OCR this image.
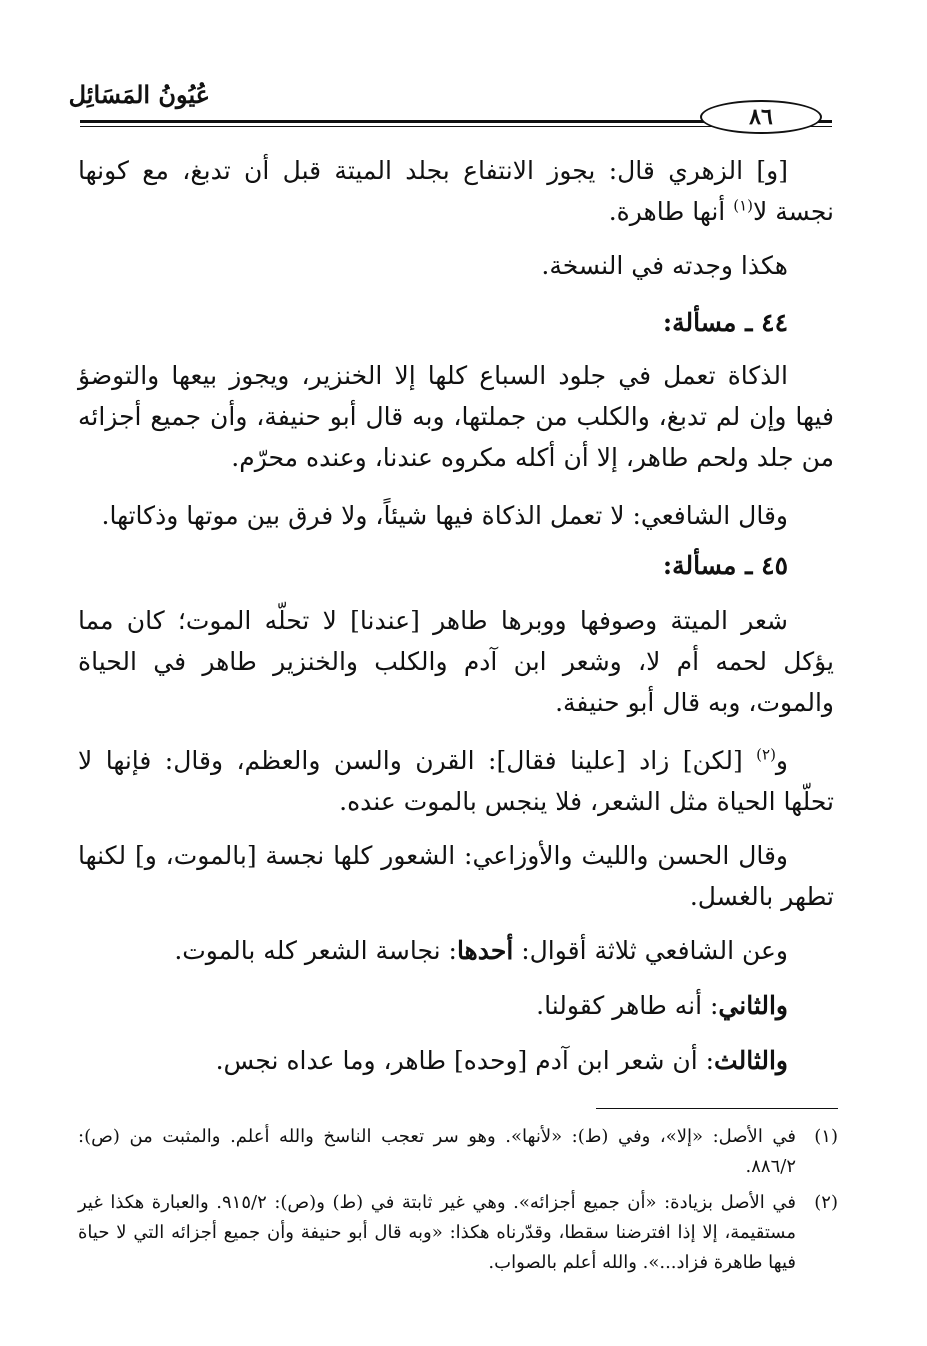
عُيُونُ المَسَائِل
٨٦

[و] الزهري قال: يجوز الانتفاع بجلد الميتة قبل أن تدبغ، مع كونها نجسة لا$^{(١)}$ أنها طاهرة.

هكذا وجدته في النسخة.

٤٤ ـ مسألة:

الذكاة تعمل في جلود السباع كلها إلا الخنزير، ويجوز بيعها والتوضؤ فيها وإن لم تدبغ، والكلب من جملتها، وبه قال أبو حنيفة، وأن جميع أجزائه من جلد ولحم طاهر، إلا أن أكله مكروه عندنا، وعنده محرّم.

وقال الشافعي: لا تعمل الذكاة فيها شيئاً، ولا فرق بين موتها وذكاتها.

٤٥ ـ مسألة:

شعر الميتة وصوفها ووبرها طاهر [عندنا] لا تحلّه الموت؛ كان مما يؤكل لحمه أم لا، وشعر ابن آدم والكلب والخنزير طاهر في الحياة والموت، وبه قال أبو حنيفة.

و$^{(٢)}$ [لكن] زاد [علينا فقال]: القرن والسن والعظم، وقال: فإنها لا تحلّها الحياة مثل الشعر، فلا ينجس بالموت عنده.

وقال الحسن والليث والأوزاعي: الشعور كلها نجسة [بالموت، و] لكنها تطهر بالغسل.

وعن الشافعي ثلاثة أقوال: أحدها: نجاسة الشعر كله بالموت.

والثاني: أنه طاهر كقولنا.

والثالث: أن شعر ابن آدم [وحده] طاهر، وما عداه نجس.

(١)
في الأصل: «إلا»، وفي (ط): «لأنها». وهو سر تعجب الناسخ والله أعلم. والمثبت من (ص): ٨٨٦/٢.
(٢)
في الأصل بزيادة: «أن جميع أجزائه». وهي غير ثابتة في (ط) و(ص): ٩١٥/٢. والعبارة هكذا غير مستقيمة، إلا إذا افترضنا سقطا، وقدّرناه هكذا: «وبه قال أبو حنيفة وأن جميع أجزائه التي لا حياة فيها طاهرة فزاد...». والله أعلم بالصواب.
